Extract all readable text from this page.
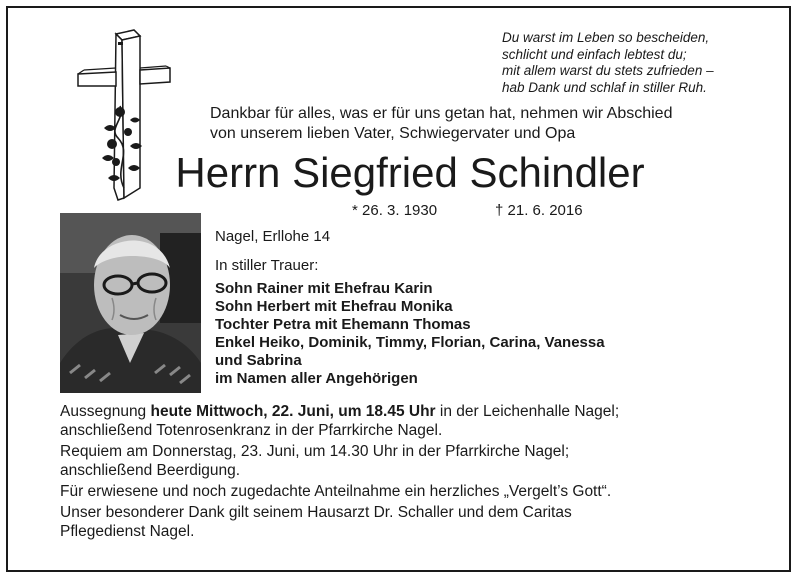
Du warst im Leben so bescheiden,
schlicht und einfach lebtest du;
mit allem warst du stets zufrieden –
hab Dank und schlaf in stiller Ruh.
Dankbar für alles, was er für uns getan hat, nehmen wir Abschied
von unserem lieben Vater, Schwiegervater und Opa
Herrn Siegfried Schindler
* 26. 3. 1930	† 21. 6. 2016
Nagel, Erllohe 14
In stiller Trauer:
Sohn Rainer mit Ehefrau Karin
Sohn Herbert mit Ehefrau Monika
Tochter Petra mit Ehemann Thomas
Enkel Heiko, Dominik, Timmy, Florian, Carina, Vanessa
und Sabrina
im Namen aller Angehörigen
Aussegnung heute Mittwoch, 22. Juni, um 18.45 Uhr in der Leichenhalle Nagel;
anschließend Totenrosenkranz in der Pfarrkirche Nagel.
Requiem am Donnerstag, 23. Juni, um 14.30 Uhr in der Pfarrkirche Nagel;
anschließend Beerdigung.
Für erwiesene und noch zugedachte Anteilnahme ein herzliches „Vergelt’s Gott“.
Unser besonderer Dank gilt seinem Hausarzt Dr. Schaller und dem Caritas
Pflegedienst Nagel.
